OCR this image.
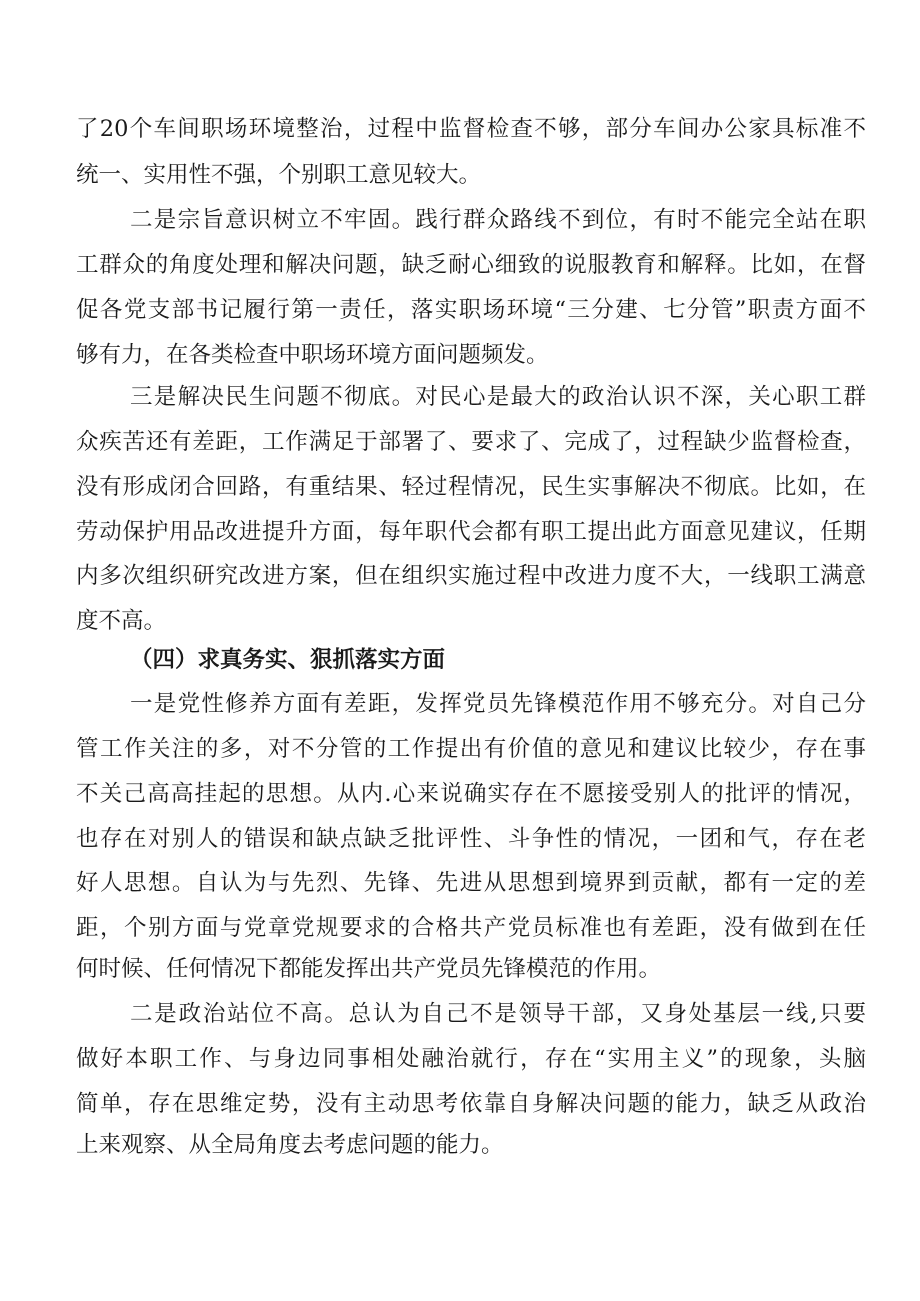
了20个车间职场环境整治，过程中监督检查不够，部分车间办公家具标准不
统一、实用性不强，个别职工意见较大。
二是宗旨意识树立不牢固。践行群众路线不到位，有时不能完全站在职
工群众的角度处理和解决问题，缺乏耐心细致的说服教育和解释。比如，在督
促各党支部书记履行第一责任，落实职场环境“三分建、七分管”职责方面不
够有力，在各类检查中职场环境方面问题频发。
三是解决民生问题不彻底。对民心是最大的政治认识不深，关心职工群
众疾苦还有差距，工作满足于部署了、要求了、完成了，过程缺少监督检查，
没有形成闭合回路，有重结果、轻过程情况，民生实事解决不彻底。比如，在
劳动保护用品改进提升方面，每年职代会都有职工提出此方面意见建议，任期
内多次组织研究改进方案，但在组织实施过程中改进力度不大，一线职工满意
度不高。
（四）求真务实、狠抓落实方面
一是党性修养方面有差距，发挥党员先锋模范作用不够充分。对自己分
管工作关注的多，对不分管的工作提出有价值的意见和建议比较少，存在事
不关己高高挂起的思想。从内.心来说确实存在不愿接受别人的批评的情况，
也存在对别人的错误和缺点缺乏批评性、斗争性的情况，一团和气，存在老
好人思想。自认为与先烈、先锋、先进从思想到境界到贡献，都有一定的差
距，个别方面与党章党规要求的合格共产党员标准也有差距，没有做到在任
何时候、任何情况下都能发挥出共产党员先锋模范的作用。
二是政治站位不高。总认为自己不是领导干部，又身处基层一线,只要
做好本职工作、与身边同事相处融治就行，存在“实用主义”的现象，头脑
简单，存在思维定势，没有主动思考依靠自身解决问题的能力，缺乏从政治
上来观察、从全局角度去考虑问题的能力。
